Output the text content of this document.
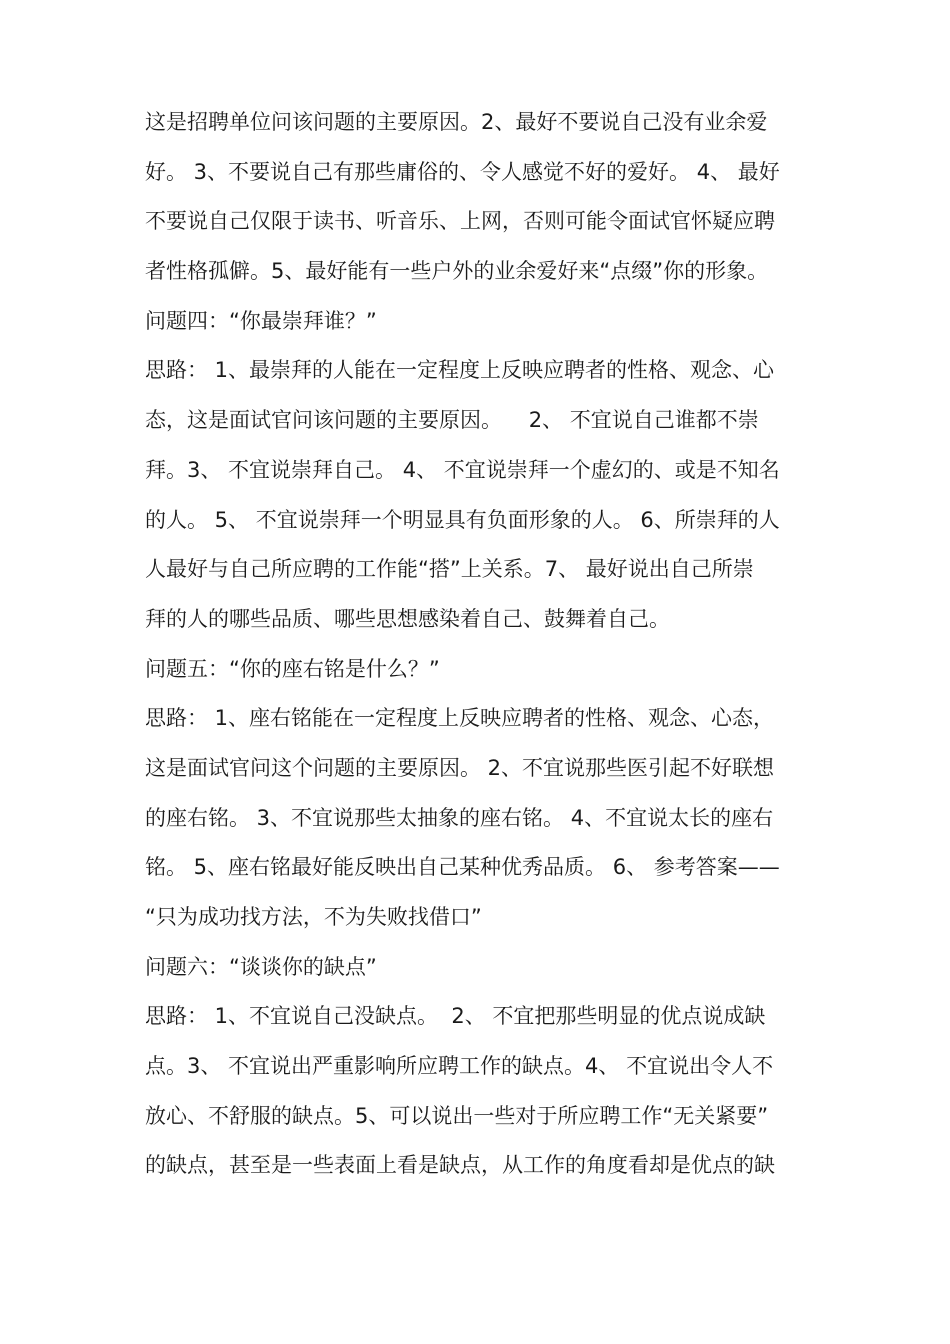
这是招聘单位问该问题的主要原因。2、最好不要说自己没有业余爱
好。 3、不要说自己有那些庸俗的、令人感觉不好的爱好。 4、 最好
不要说自己仅限于读书、听音乐、上网，否则可能令面试官怀疑应聘
者性格孤僻。5、最好能有一些户外的业余爱好来“点缀”你的形象。
问题四：“你最崇拜谁？”
思路： 1、最崇拜的人能在一定程度上反映应聘者的性格、观念、心
态，这是面试官问该问题的主要原因。    2、 不宜说自己谁都不崇
拜。3、 不宜说崇拜自己。 4、 不宜说崇拜一个虚幻的、或是不知名
的人。 5、 不宜说崇拜一个明显具有负面形象的人。 6、所崇拜的人
人最好与自己所应聘的工作能“搭”上关系。7、 最好说出自己所崇
拜的人的哪些品质、哪些思想感染着自己、鼓舞着自己。
问题五：“你的座右铭是什么？”
思路： 1、座右铭能在一定程度上反映应聘者的性格、观念、心态，
这是面试官问这个问题的主要原因。 2、不宜说那些医引起不好联想
的座右铭。 3、不宜说那些太抽象的座右铭。 4、不宜说太长的座右
铭。 5、座右铭最好能反映出自己某种优秀品质。 6、 参考答案——
“只为成功找方法，不为失败找借口”
问题六：“谈谈你的缺点”
思路： 1、不宜说自己没缺点。  2、 不宜把那些明显的优点说成缺
点。3、 不宜说出严重影响所应聘工作的缺点。4、 不宜说出令人不
放心、不舒服的缺点。5、可以说出一些对于所应聘工作“无关紧要”
的缺点，甚至是一些表面上看是缺点，从工作的角度看却是优点的缺
